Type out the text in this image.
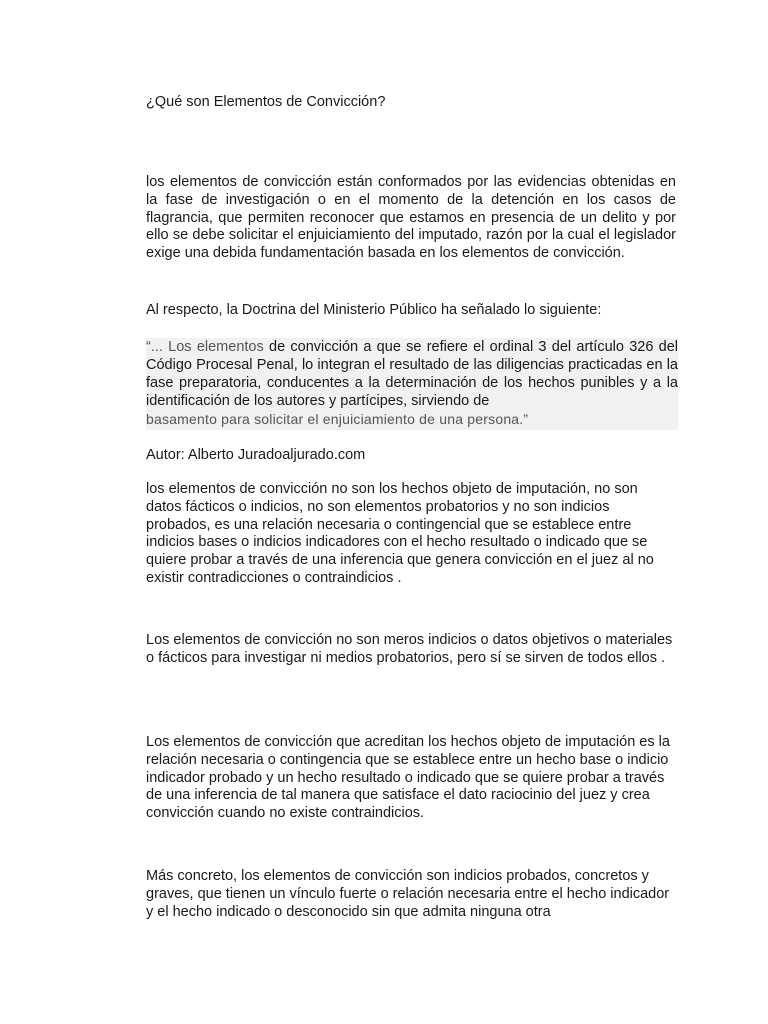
¿Qué son Elementos de Convicción?

los elementos de convicción están conformados por las evidencias obtenidas en la fase de investigación o en el momento de la detención en los casos de flagrancia, que permiten reconocer que estamos en presencia de un delito y por ello se debe solicitar el enjuiciamiento del imputado, razón por la cual el legislador exige una debida fundamentación basada en los elementos de convicción.

Al respecto, la Doctrina del Ministerio Público ha señalado lo siguiente:

“... Los elementos de convicción a que se refiere el ordinal 3 del artículo 326 del Código Procesal Penal, lo integran el resultado de las diligencias practicadas en la fase preparatoria, conducentes a la determinación de los hechos punibles y a la identificación de los autores y partícipes, sirviendo de
basamento para solicitar el enjuiciamiento de una persona.”

Autor: Alberto Juradoaljurado.com

los elementos de convicción no son los hechos objeto de imputación, no son datos fácticos o indicios, no son elementos probatorios y no son indicios probados, es una relación necesaria o contingencial que se establece entre indicios bases o indicios indicadores con el hecho resultado o indicado que se quiere probar a través de una inferencia que genera convicción en el juez al no existir contradicciones o contraindicios .

Los elementos de convicción no son meros indicios o datos objetivos o materiales o fácticos para investigar ni medios probatorios, pero sí se sirven de todos ellos .

Los elementos de convicción que acreditan los hechos objeto de imputación es la relación necesaria o contingencia que se establece entre un hecho base o indicio indicador probado y un hecho resultado o indicado que se quiere probar a través de una inferencia de tal manera que satisface el dato raciocinio del juez y crea convicción cuando no existe contraindicios.

Más concreto, los elementos de convicción son indicios probados, concretos y graves, que tienen un vínculo fuerte o relación necesaria entre el hecho indicador y el hecho indicado o desconocido sin que admita ninguna otra
